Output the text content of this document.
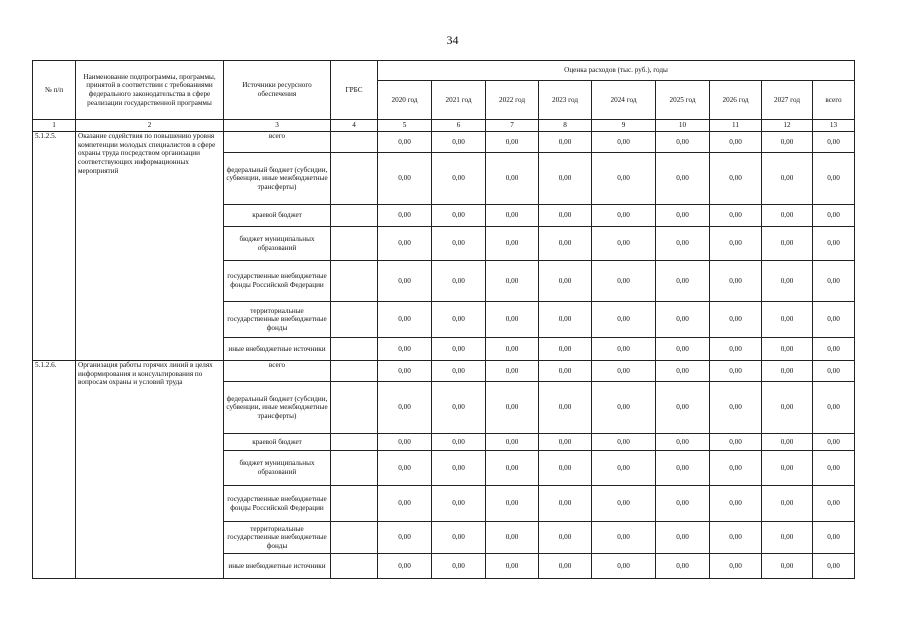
34
№ п/п	Наименование подпрограммы, программы, принятой в соответствии с требованиями федерального законодательства в сфере реализации государственной программы	Источники ресурсного обеспечения	ГРБС	Оценка расходов (тыс. руб.), годы								
				2020 год	2021 год	2022 год	2023 год	2024 год	2025 год	2026 год	2027 год	всего
1	2	3	4	5	6	7	8	9	10	11	12	13
5.1.2.5.	Оказание содействия по повышению уровня компетенции молодых специалистов в сфере охраны труда посредством организации соответствующих информационных мероприятий	всего		0,00	0,00	0,00	0,00	0,00	0,00	0,00	0,00	0,00
		федеральный бюджет (субсидии, субвенции, иные межбюджетные трансферты)		0,00	0,00	0,00	0,00	0,00	0,00	0,00	0,00	0,00
		краевой бюджет		0,00	0,00	0,00	0,00	0,00	0,00	0,00	0,00	0,00
		бюджет муниципальных образований		0,00	0,00	0,00	0,00	0,00	0,00	0,00	0,00	0,00
		государственные внебюджетные фонды Российской Федерации		0,00	0,00	0,00	0,00	0,00	0,00	0,00	0,00	0,00
		территориальные государственные внебюджетные фонды		0,00	0,00	0,00	0,00	0,00	0,00	0,00	0,00	0,00
		иные внебюджетные источники		0,00	0,00	0,00	0,00	0,00	0,00	0,00	0,00	0,00
5.1.2.6.	Организация работы горячих линий в целях информирования и консультирования по вопросам охраны и условий труда	всего		0,00	0,00	0,00	0,00	0,00	0,00	0,00	0,00	0,00
		федеральный бюджет (субсидии, субвенции, иные межбюджетные трансферты)		0,00	0,00	0,00	0,00	0,00	0,00	0,00	0,00	0,00
		краевой бюджет		0,00	0,00	0,00	0,00	0,00	0,00	0,00	0,00	0,00
		бюджет муниципальных образований		0,00	0,00	0,00	0,00	0,00	0,00	0,00	0,00	0,00
		государственные внебюджетные фонды Российской Федерации		0,00	0,00	0,00	0,00	0,00	0,00	0,00	0,00	0,00
		территориальные государственные внебюджетные фонды		0,00	0,00	0,00	0,00	0,00	0,00	0,00	0,00	0,00
		иные внебюджетные источники		0,00	0,00	0,00	0,00	0,00	0,00	0,00	0,00	0,00
